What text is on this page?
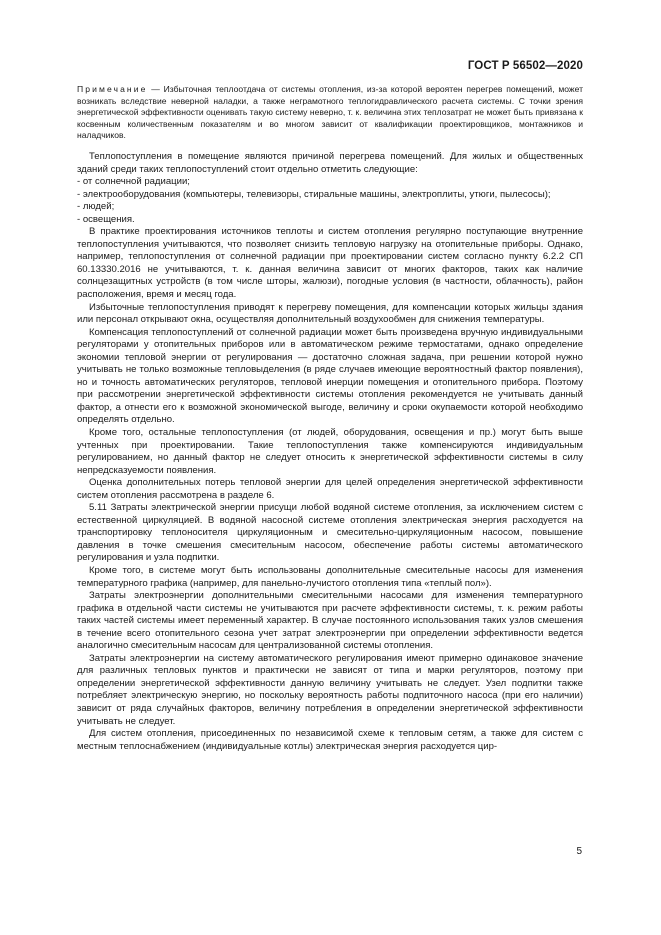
ГОСТ Р 56502—2020
Примечание — Избыточная теплоотдача от системы отопления, из-за которой вероятен перегрев помещений, может возникать вследствие неверной наладки, а также неграмотного теплогидравлического расчета системы. С точки зрения энергетической эффективности оценивать такую систему неверно, т. к. величина этих теплозатрат не может быть привязана к косвенным количественным показателям и во многом зависит от квалификации проектировщиков, монтажников и наладчиков.

Теплопоступления в помещение являются причиной перегрева помещений. Для жилых и общественных зданий среди таких теплопоступлений стоит отдельно отметить следующие:

- от солнечной радиации;

- электрооборудования (компьютеры, телевизоры, стиральные машины, электроплиты, утюги, пылесосы);

- людей;

- освещения.

В практике проектирования источников теплоты и систем отопления регулярно поступающие внутренние теплопоступления учитываются, что позволяет снизить тепловую нагрузку на отопительные приборы. Однако, например, теплопоступления от солнечной радиации при проектировании систем согласно пункту 6.2.2 СП 60.13330.2016 не учитываются, т. к. данная величина зависит от многих факторов, таких как наличие солнцезащитных устройств (в том числе шторы, жалюзи), погодные условия (в частности, облачность), район расположения, время и месяц года.

Избыточные теплопоступления приводят к перегреву помещения, для компенсации которых жильцы здания или персонал открывают окна, осуществляя дополнительный воздухообмен для снижения температуры.

Компенсация теплопоступлений от солнечной радиации может быть произведена вручную индивидуальными регуляторами у отопительных приборов или в автоматическом режиме термостатами, однако определение экономии тепловой энергии от регулирования — достаточно сложная задача, при решении которой нужно учитывать не только возможные тепловыделения (в ряде случаев имеющие вероятностный фактор появления), но и точность автоматических регуляторов, тепловой инерции помещения и отопительного прибора. Поэтому при рассмотрении энергетической эффективности системы отопления рекомендуется не учитывать данный фактор, а отнести его к возможной экономической выгоде, величину и сроки окупаемости которой необходимо определять отдельно.

Кроме того, остальные теплопоступления (от людей, оборудования, освещения и пр.) могут быть выше учтенных при проектировании. Такие теплопоступления также компенсируются индивидуальным регулированием, но данный фактор не следует относить к энергетической эффективности системы в силу непредсказуемости появления.

Оценка дополнительных потерь тепловой энергии для целей определения энергетической эффективности систем отопления рассмотрена в разделе 6.

5.11 Затраты электрической энергии присущи любой водяной системе отопления, за исключением систем с естественной циркуляцией. В водяной насосной системе отопления электрическая энергия расходуется на транспортировку теплоносителя циркуляционным и смесительно-циркуляционным насосом, повышение давления в точке смешения смесительным насосом, обеспечение работы системы автоматического регулирования и узла подпитки.

Кроме того, в системе могут быть использованы дополнительные смесительные насосы для изменения температурного графика (например, для панельно-лучистого отопления типа «теплый пол»).

Затраты электроэнергии дополнительными смесительными насосами для изменения температурного графика в отдельной части системы не учитываются при расчете эффективности системы, т. к. режим работы таких частей системы имеет переменный характер. В случае постоянного использования таких узлов смешения в течение всего отопительного сезона учет затрат электроэнергии при определении эффективности ведется аналогично смесительным насосам для централизованной системы отопления.

Затраты электроэнергии на систему автоматического регулирования имеют примерно одинаковое значение для различных тепловых пунктов и практически не зависят от типа и марки регуляторов, поэтому при определении энергетической эффективности данную величину учитывать не следует. Узел подпитки также потребляет электрическую энергию, но поскольку вероятность работы подпиточного насоса (при его наличии) зависит от ряда случайных факторов, величину потребления в определении энергетической эффективности учитывать не следует.

Для систем отопления, присоединенных по независимой схеме к тепловым сетям, а также для систем с местным теплоснабжением (индивидуальные котлы) электрическая энергия расходуется цир-

5
